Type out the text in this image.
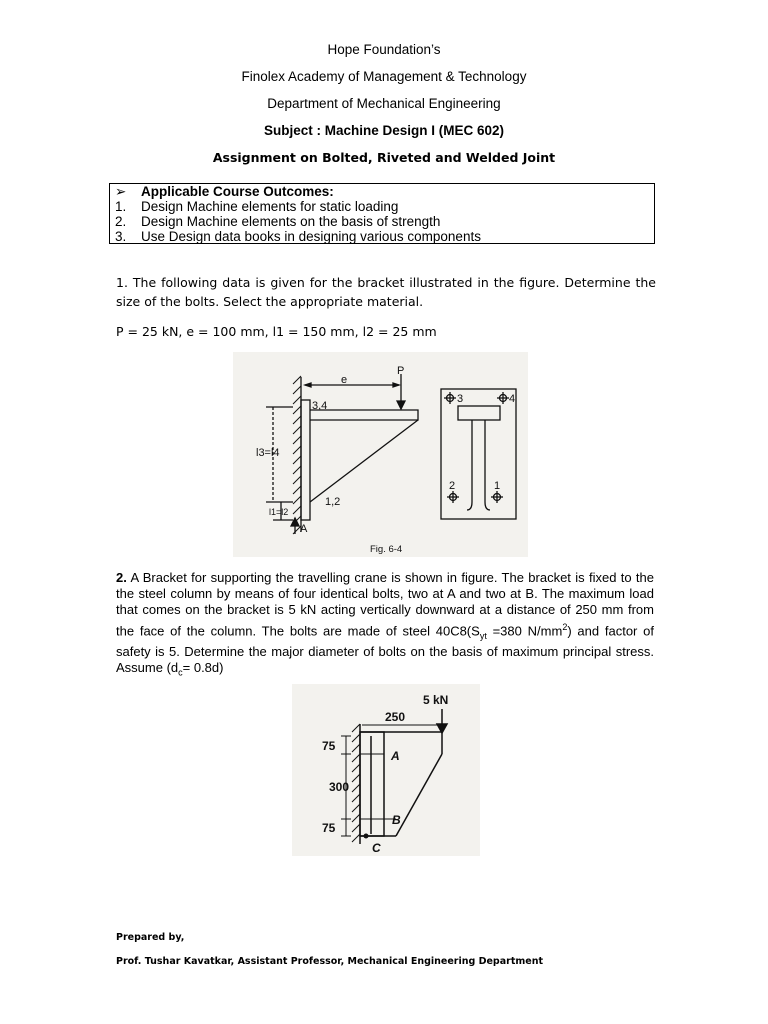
Hope Foundation’s
Finolex Academy of Management & Technology
Department of Mechanical Engineering
Subject : Machine Design I (MEC 602)
Assignment on Bolted, Riveted and Welded Joint
➢ Applicable Course Outcomes:
1. Design Machine elements for static loading
2. Design Machine elements on the basis of strength
3. Use Design data books in designing various components
1. The following data is given for the bracket illustrated in the figure. Determine the size of the bolts. Select the appropriate material.
P = 25 kN, e = 100 mm, l1 = 150 mm, l2 = 25 mm
e
P
3,4
l3=l4
l1=l2
1,2
A
3	4
2	1
Fig. 6-4
2. A Bracket for supporting the travelling crane is shown in figure. The bracket is fixed to the the steel column by means of four identical bolts, two at A and two at B. The maximum load that comes on the bracket is 5 kN acting vertically downward at a distance of 250 mm from the face of the column. The bolts are made of steel $40C8(S_{yt} =380$ $N/mm^2$) and factor of safety is 5. Determine the major diameter of bolts on the basis of maximum principal stress. Assume $(d_c= 0.8d)$
5 kN
250
75
300
75
A
B
C
Prepared by,
Prof. Tushar Kavatkar, Assistant Professor, Mechanical Engineering Department
